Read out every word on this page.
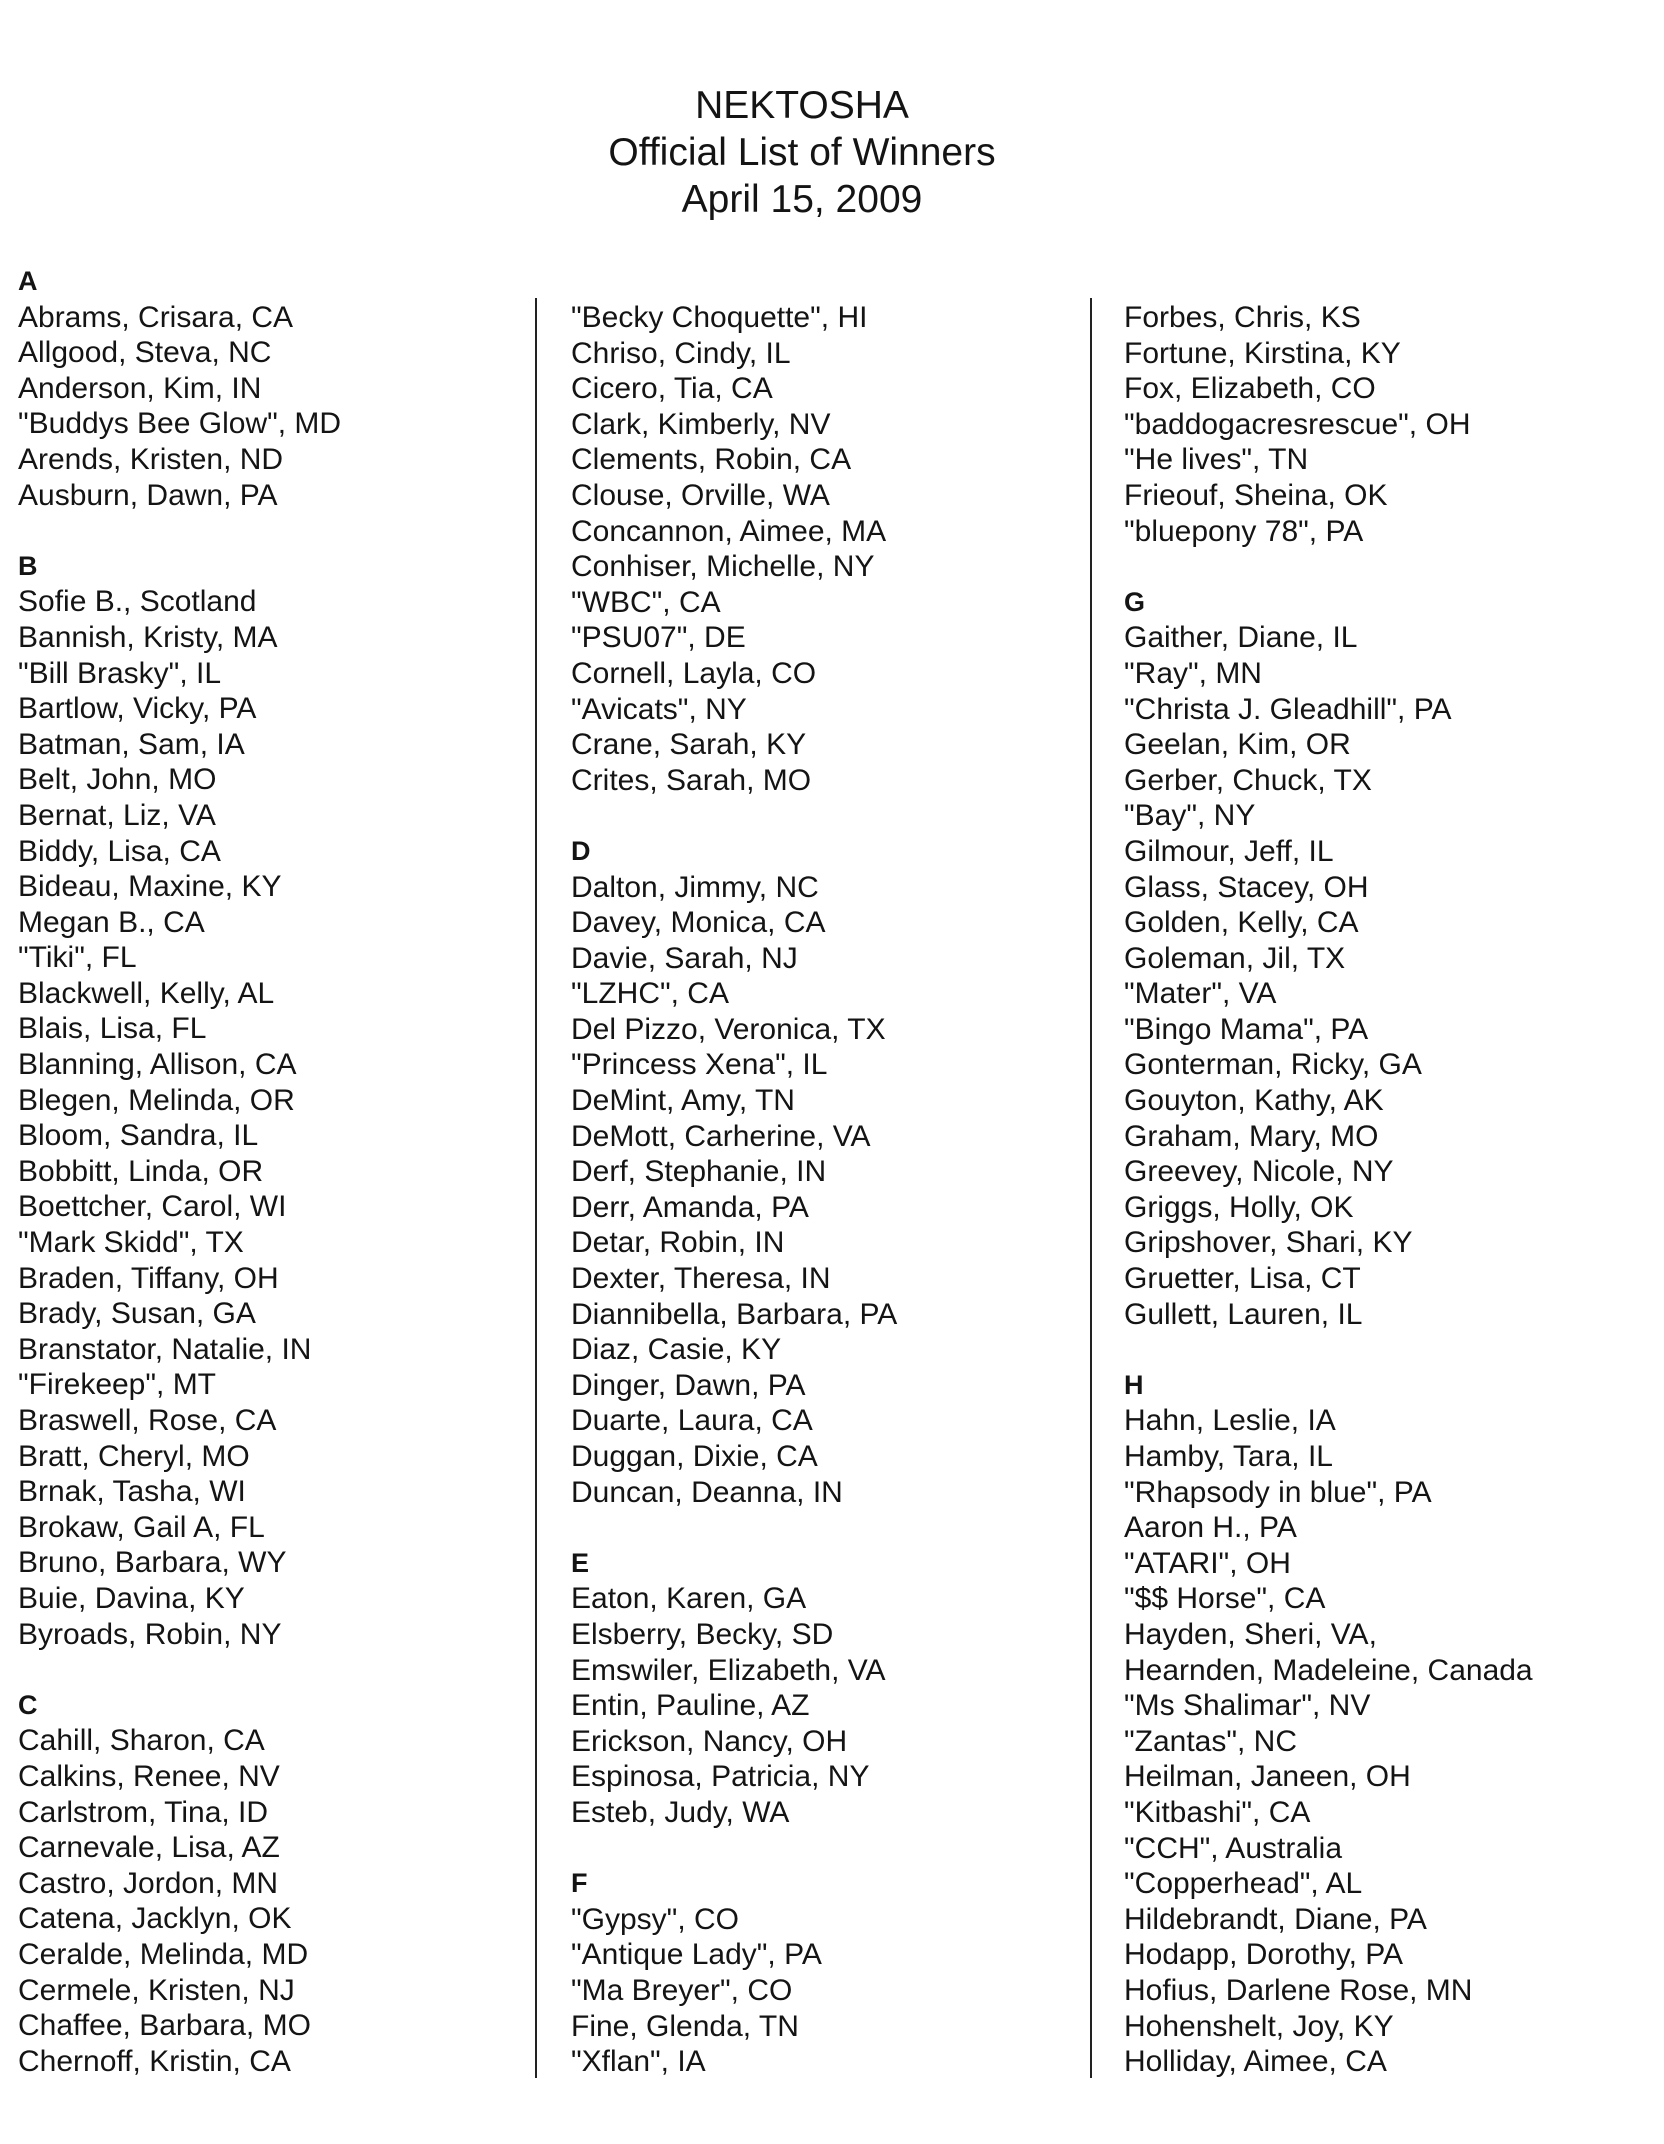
NEKTOSHA
Official List of Winners
April 15, 2009
A
Abrams, Crisara, CA
Allgood, Steva, NC
Anderson, Kim, IN
"Buddys Bee Glow", MD
Arends, Kristen, ND
Ausburn, Dawn, PA
B
Sofie B., Scotland
Bannish, Kristy, MA
"Bill Brasky", IL
Bartlow, Vicky, PA
Batman, Sam, IA
Belt, John, MO
Bernat, Liz, VA
Biddy, Lisa, CA
Bideau, Maxine, KY
Megan B., CA
"Tiki", FL
Blackwell, Kelly, AL
Blais, Lisa, FL
Blanning, Allison, CA
Blegen, Melinda, OR
Bloom, Sandra, IL
Bobbitt, Linda, OR
Boettcher, Carol, WI
"Mark Skidd", TX
Braden, Tiffany, OH
Brady, Susan, GA
Branstator, Natalie, IN
"Firekeep", MT
Braswell, Rose, CA
Bratt, Cheryl, MO
Brnak, Tasha, WI
Brokaw, Gail A, FL
Bruno, Barbara, WY
Buie, Davina, KY
Byroads, Robin, NY
C
Cahill, Sharon, CA
Calkins, Renee, NV
Carlstrom, Tina, ID
Carnevale, Lisa, AZ
Castro, Jordon, MN
Catena, Jacklyn, OK
Ceralde, Melinda, MD
Cermele, Kristen, NJ
Chaffee, Barbara, MO
Chernoff, Kristin, CA
"Becky Choquette", HI
Chriso, Cindy, IL
Cicero, Tia, CA
Clark, Kimberly, NV
Clements, Robin, CA
Clouse, Orville, WA
Concannon, Aimee, MA
Conhiser, Michelle, NY
"WBC", CA
"PSU07", DE
Cornell, Layla, CO
"Avicats", NY
Crane, Sarah, KY
Crites, Sarah, MO
D
Dalton, Jimmy, NC
Davey, Monica, CA
Davie, Sarah, NJ
"LZHC", CA
Del Pizzo, Veronica, TX
"Princess Xena", IL
DeMint, Amy, TN
DeMott, Carherine, VA
Derf, Stephanie, IN
Derr, Amanda, PA
Detar, Robin, IN
Dexter, Theresa, IN
Diannibella, Barbara, PA
Diaz, Casie, KY
Dinger, Dawn, PA
Duarte, Laura, CA
Duggan, Dixie, CA
Duncan, Deanna, IN
E
Eaton, Karen, GA
Elsberry, Becky, SD
Emswiler, Elizabeth, VA
Entin, Pauline, AZ
Erickson, Nancy, OH
Espinosa, Patricia, NY
Esteb, Judy, WA
F
"Gypsy", CO
"Antique Lady", PA
"Ma Breyer", CO
Fine, Glenda, TN
"Xflan", IA
Forbes, Chris, KS
Fortune, Kirstina, KY
Fox, Elizabeth, CO
"baddogacresrescue", OH
"He lives", TN
Frieouf, Sheina, OK
"bluepony 78", PA
G
Gaither, Diane, IL
"Ray", MN
"Christa J. Gleadhill", PA
Geelan, Kim, OR
Gerber, Chuck, TX
"Bay", NY
Gilmour, Jeff, IL
Glass, Stacey, OH
Golden, Kelly, CA
Goleman, Jil, TX
"Mater", VA
"Bingo Mama", PA
Gonterman, Ricky, GA
Gouyton, Kathy, AK
Graham, Mary, MO
Greevey, Nicole, NY
Griggs, Holly, OK
Gripshover, Shari, KY
Gruetter, Lisa, CT
Gullett, Lauren, IL
H
Hahn, Leslie, IA
Hamby, Tara, IL
"Rhapsody in blue", PA
Aaron H., PA
"ATARI", OH
"$$ Horse", CA
Hayden, Sheri, VA,
Hearnden, Madeleine, Canada
"Ms Shalimar", NV
"Zantas", NC
Heilman, Janeen, OH
"Kitbashi", CA
"CCH", Australia
"Copperhead", AL
Hildebrandt, Diane, PA
Hodapp, Dorothy, PA
Hofius, Darlene Rose, MN
Hohenshelt, Joy, KY
Holliday, Aimee, CA
